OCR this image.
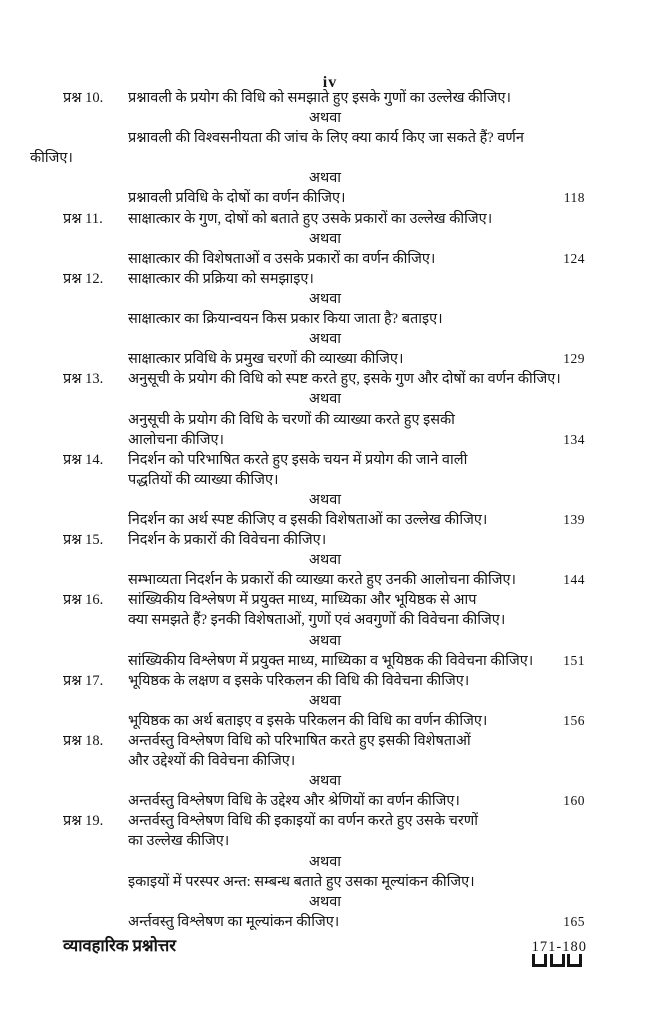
iv
प्रश्न 10. प्रश्नावली के प्रयोग की विधि को समझाते हुए इसके गुणों का उल्लेख कीजिए।
अथवा
प्रश्नावली की विश्वसनीयता की जांच के लिए क्या कार्य किए जा सकते हैं? वर्णन
कीजिए।
अथवा
प्रश्नावली प्रविधि के दोषों का वर्णन कीजिए।	118
प्रश्न 11. साक्षात्कार के गुण, दोषों को बताते हुए उसके प्रकारों का उल्लेख कीजिए।
अथवा
साक्षात्कार की विशेषताओं व उसके प्रकारों का वर्णन कीजिए।	124
प्रश्न 12. साक्षात्कार की प्रक्रिया को समझाइए।
अथवा
साक्षात्कार का क्रियान्वयन किस प्रकार किया जाता है? बताइए।
अथवा
साक्षात्कार प्रविधि के प्रमुख चरणों की व्याख्या कीजिए।	129
प्रश्न 13. अनुसूची के प्रयोग की विधि को स्पष्ट करते हुए, इसके गुण और दोषों का वर्णन कीजिए।
अथवा
अनुसूची के प्रयोग की विधि के चरणों की व्याख्या करते हुए इसकी
आलोचना कीजिए।	134
प्रश्न 14. निदर्शन को परिभाषित करते हुए इसके चयन में प्रयोग की जाने वाली
पद्धतियों की व्याख्या कीजिए।
अथवा
निदर्शन का अर्थ स्पष्ट कीजिए व इसकी विशेषताओं का उल्लेख कीजिए।	139
प्रश्न 15. निदर्शन के प्रकारों की विवेचना कीजिए।
अथवा
सम्भाव्यता निदर्शन के प्रकारों की व्याख्या करते हुए उनकी आलोचना कीजिए।	144
प्रश्न 16. सांख्यिकीय विश्लेषण में प्रयुक्त माध्य, माध्यिका और भूयिष्ठक से आप
क्या समझते हैं? इनकी विशेषताओं, गुणों एवं अवगुणों की विवेचना कीजिए।
अथवा
सांख्यिकीय विश्लेषण में प्रयुक्त माध्य, माध्यिका व भूयिष्ठक की विवेचना कीजिए। 151
प्रश्न 17. भूयिष्ठक के लक्षण व इसके परिकलन की विधि की विवेचना कीजिए।
अथवा
भूयिष्ठक का अर्थ बताइए व इसके परिकलन की विधि का वर्णन कीजिए।	156
प्रश्न 18. अन्तर्वस्तु विश्लेषण विधि को परिभाषित करते हुए इसकी विशेषताओं
और उद्देश्यों की विवेचना कीजिए।
अथवा
अन्तर्वस्तु विश्लेषण विधि के उद्देश्य और श्रेणियों का वर्णन कीजिए।	160
प्रश्न 19. अन्तर्वस्तु विश्लेषण विधि की इकाइयों का वर्णन करते हुए उसके चरणों
का उल्लेख कीजिए।
अथवा
इकाइयों में परस्पर अन्त: सम्बन्ध बताते हुए उसका मूल्यांकन कीजिए।
अथवा
अर्न्तवस्तु विश्लेषण का मूल्यांकन कीजिए।	165
व्यावहारिक प्रश्नोत्तर	171-180
